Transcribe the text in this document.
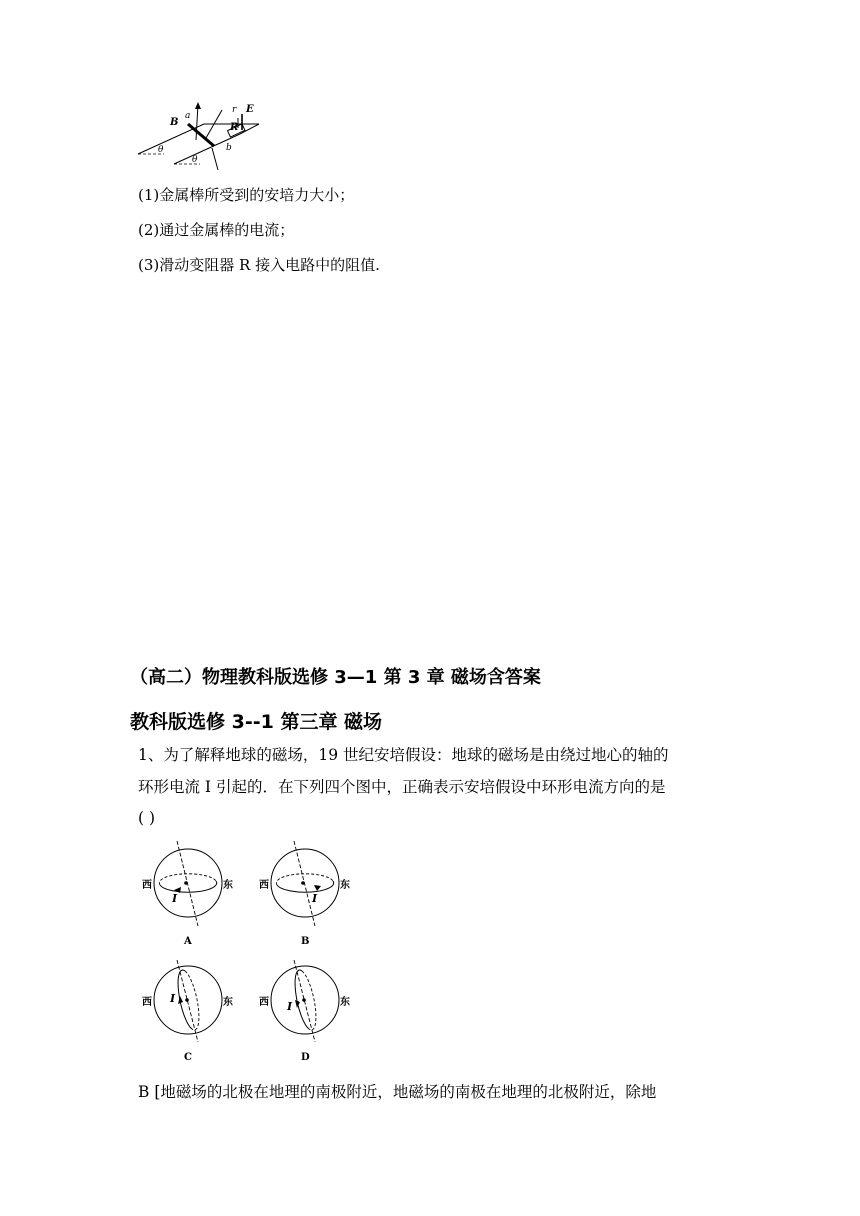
B
a
r E
R
b
θ
θ
(1)金属棒所受到的安培力大小；
(2)通过金属棒的电流；
(3)滑动变阻器 R 接入电路中的阻值.
（高二）物理教科版选修 3—1 第 3 章 磁场含答案
教科版选修 3--1 第三章 磁场
1、为了解释地球的磁场，19 世纪安培假设：地球的磁场是由绕过地心的轴的
环形电流 I 引起的．在下列四个图中，正确表示安培假设中环形电流方向的是
( )
西	东
I
A
西	东
I
B
西	东
I
C
西	东
I
D
B [地磁场的北极在地理的南极附近，地磁场的南极在地理的北极附近，除地
